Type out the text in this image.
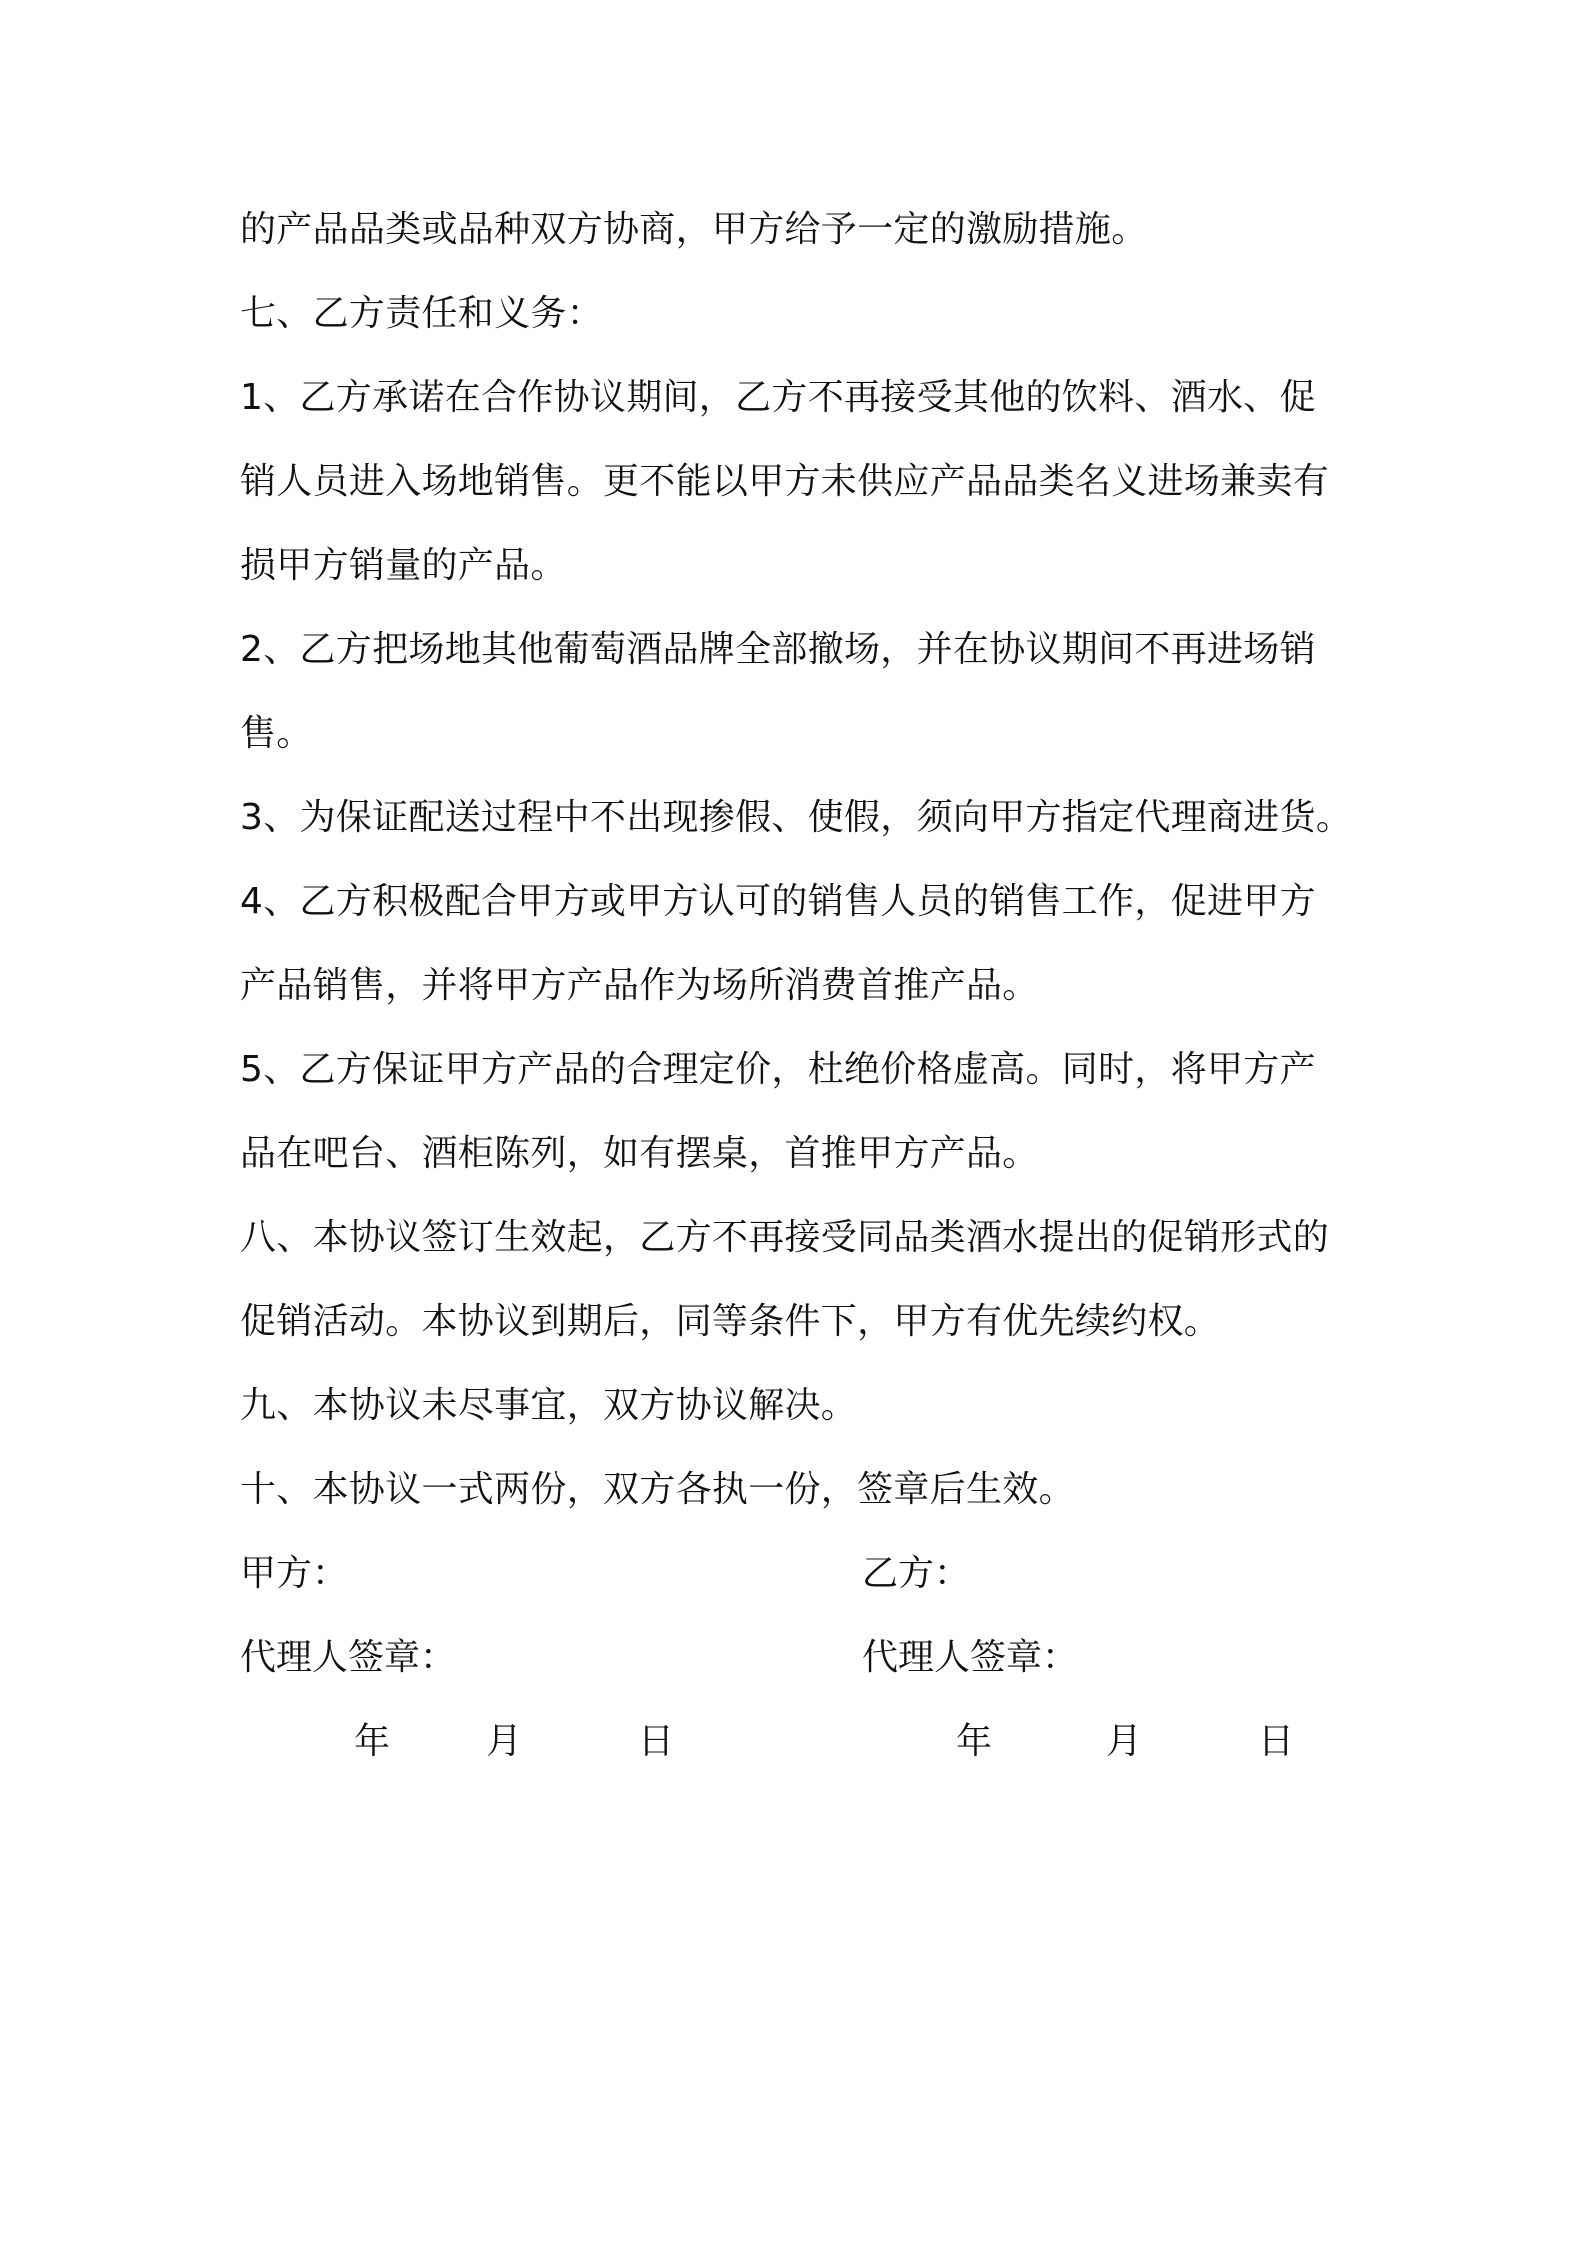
的产品品类或品种双方协商，甲方给予一定的激励措施。
七、乙方责任和义务：
1、乙方承诺在合作协议期间，乙方不再接受其他的饮料、酒水、促
销人员进入场地销售。更不能以甲方未供应产品品类名义进场兼卖有
损甲方销量的产品。
2、乙方把场地其他葡萄酒品牌全部撤场，并在协议期间不再进场销
售。
3、为保证配送过程中不出现掺假、使假，须向甲方指定代理商进货。
4、乙方积极配合甲方或甲方认可的销售人员的销售工作，促进甲方
产品销售，并将甲方产品作为场所消费首推产品。
5、乙方保证甲方产品的合理定价，杜绝价格虚高。同时，将甲方产
品在吧台、酒柜陈列，如有摆桌，首推甲方产品。
八、本协议签订生效起，乙方不再接受同品类酒水提出的促销形式的
促销活动。本协议到期后，同等条件下，甲方有优先续约权。
九、本协议未尽事宜，双方协议解决。
十、本协议一式两份，双方各执一份，签章后生效。
甲方：	乙方：
代理人签章：	代理人签章：
年	月	日	年	月	日
